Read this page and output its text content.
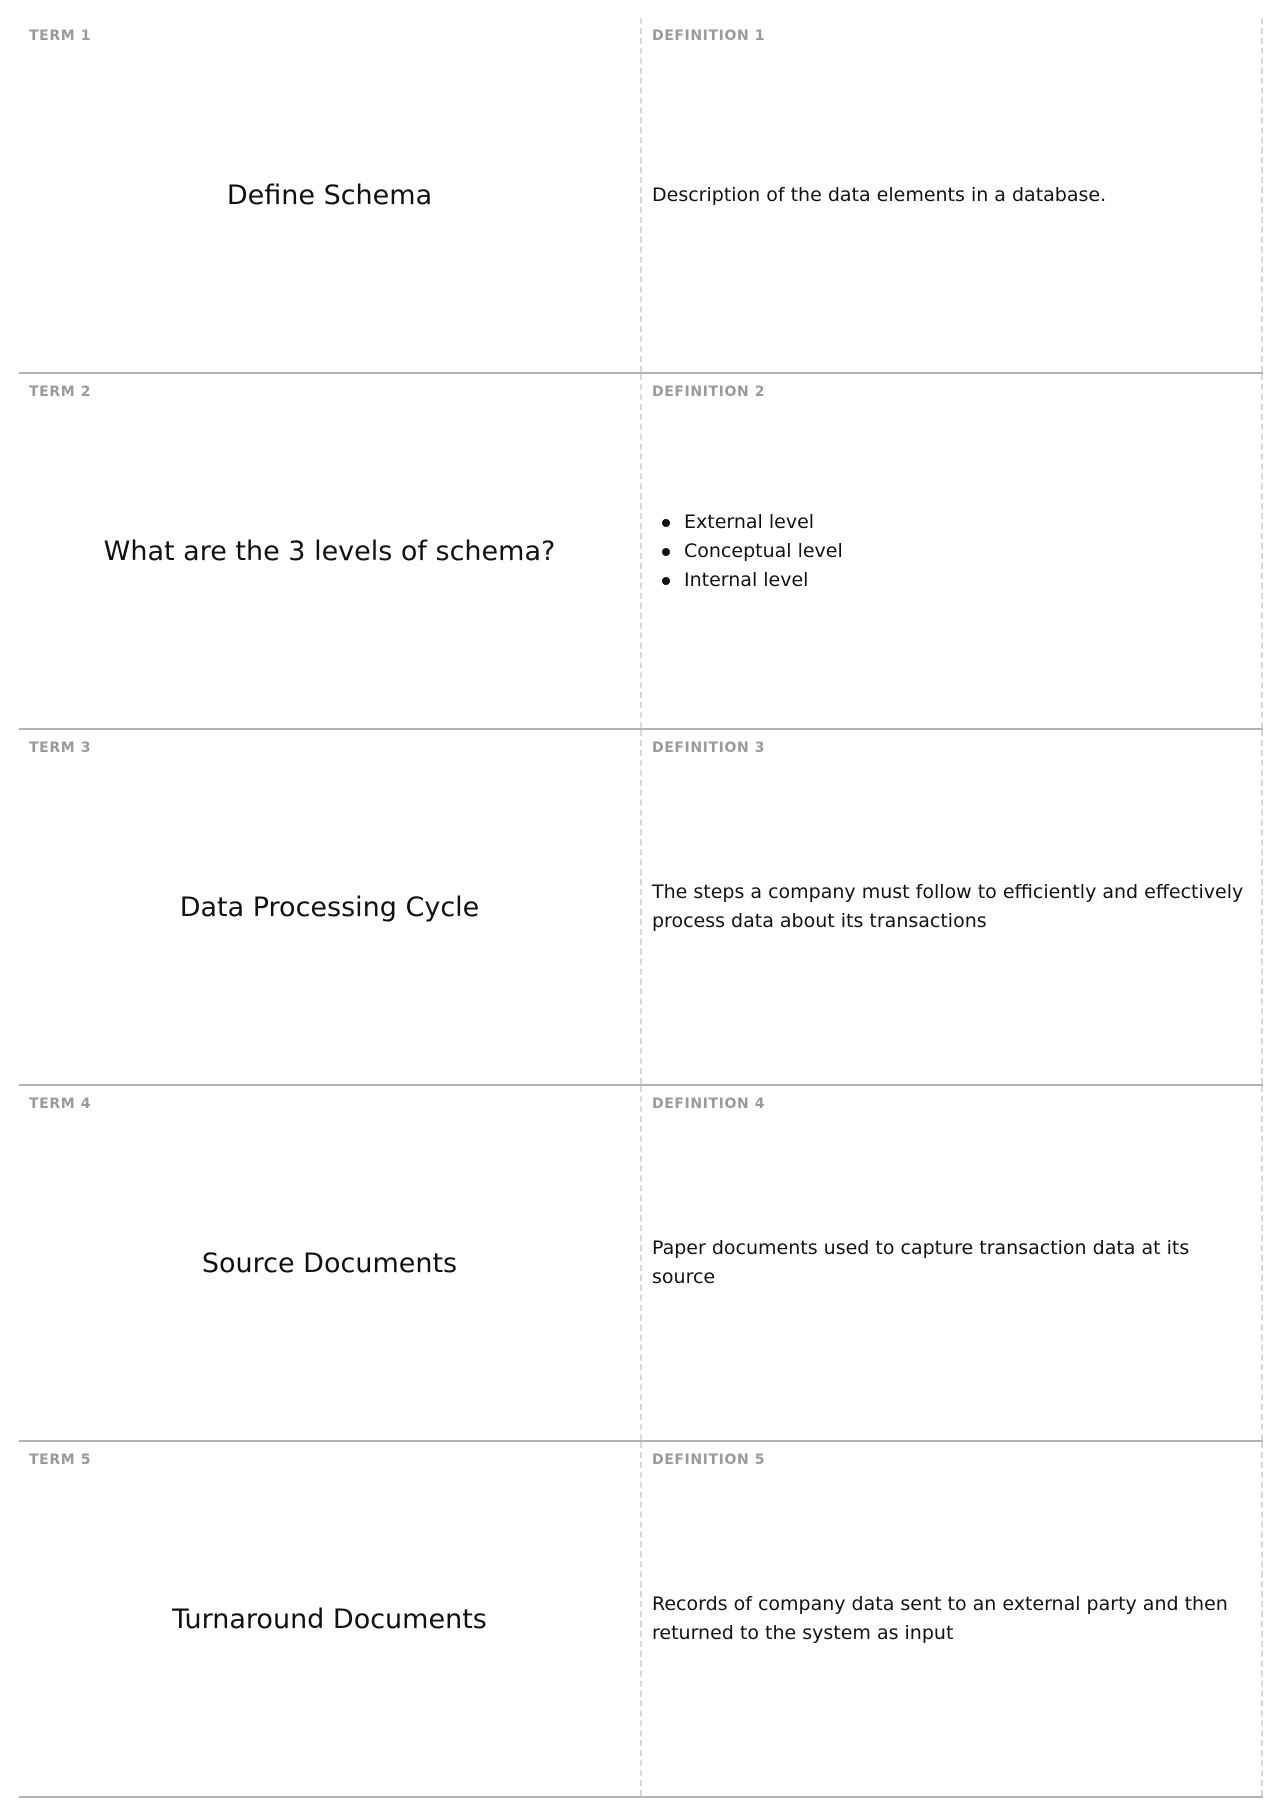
TERM 1
Define Schema
DEFINITION 1
Description of the data elements in a database.
TERM 2
What are the 3 levels of schema?
DEFINITION 2
External level
Conceptual level
Internal level
TERM 3
Data Processing Cycle
DEFINITION 3
The steps a company must follow to efficiently and effectively process data about its transactions
TERM 4
Source Documents
DEFINITION 4
Paper documents used to capture transaction data at its source
TERM 5
Turnaround Documents
DEFINITION 5
Records of company data sent to an external party and then returned to the system as input
